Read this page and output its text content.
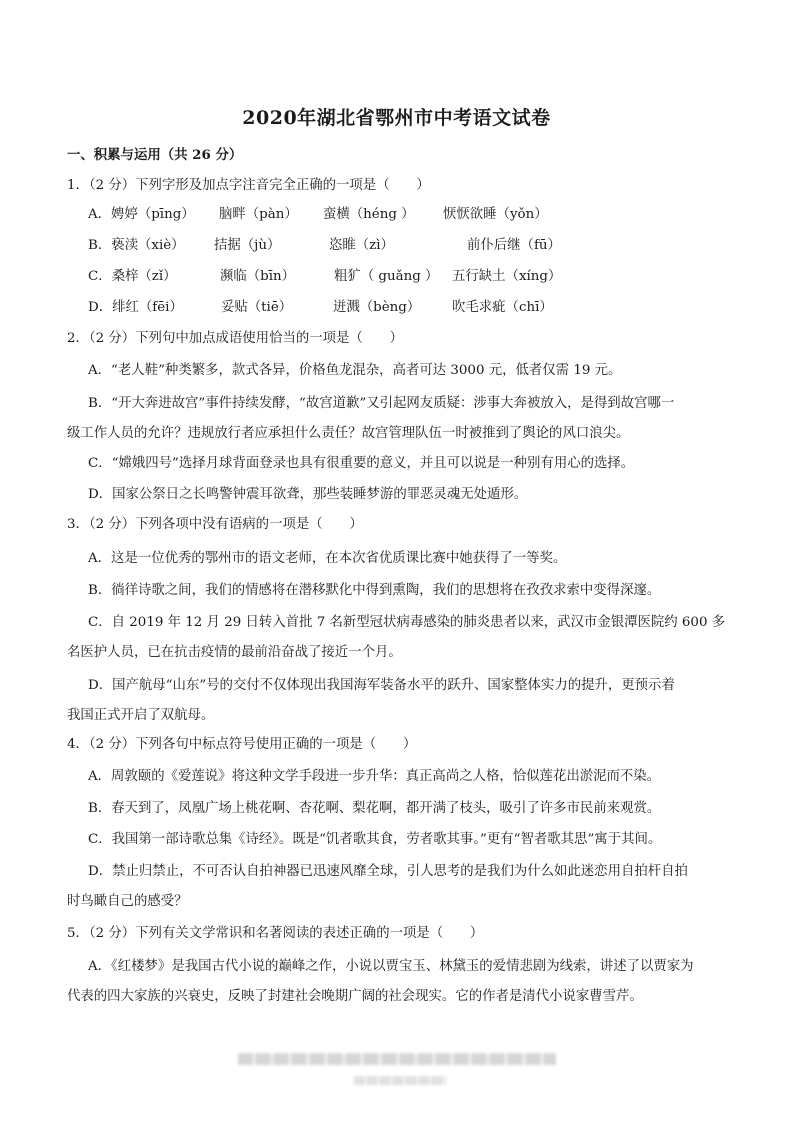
2020年湖北省鄂州市中考语文试卷
一、积累与运用（共 26 分）
1．（2 分）下列字形及加点字注音完全正确的一项是（　　）
A．娉婷（pīng） 脑畔（pàn） 蛮横（héng ） 恹恹欲睡（yǒn）
B．亵渎（xiè） 拮据（jù）	恣睢（zì）	前仆后继（fū）
C．桑梓（zǐ）	濒临（bīn）	粗犷（ guǎng ） 五行缺土（xíng）
D．绯红（fēi）	妥贴（tiē）	迸溅（bèng） 吹毛求疵（chī）
2．（2 分）下列句中加点成语使用恰当的一项是（　　）
A．“老人鞋”种类繁多，款式各异，价格鱼龙混杂，高者可达 3000 元，低者仅需 19 元。
B．“开大奔进故宫”事件持续发酵，“故宫道歉”又引起网友质疑：涉事大奔被放入，是得到故宫哪一
级工作人员的允许？违规放行者应承担什么责任？故宫管理队伍一时被推到了舆论的风口浪尖。
C．“嫦娥四号”选择月球背面登录也具有很重要的意义，并且可以说是一种别有用心的选择。
D．国家公祭日之长鸣警钟震耳欲聋，那些装睡梦游的罪恶灵魂无处遁形。
3．（2 分）下列各项中没有语病的一项是（　　）
A．这是一位优秀的鄂州市的语文老师，在本次省优质课比赛中她获得了一等奖。
B．徜徉诗歌之间，我们的情感将在潜移默化中得到熏陶，我们的思想将在孜孜求索中变得深邃。
C．自 2019 年 12 月 29 日转入首批 7 名新型冠状病毒感染的肺炎患者以来，武汉市金银潭医院约 600 多
名医护人员，已在抗击疫情的最前沿奋战了接近一个月。
D．国产航母“山东”号的交付不仅体现出我国海军装备水平的跃升、国家整体实力的提升，更预示着
我国正式开启了双航母。
4．（2 分）下列各句中标点符号使用正确的一项是（　　）
A．周敦颐的《爱莲说》将这种文学手段进一步升华：真正高尚之人格，恰似莲花出淤泥而不染。
B．春天到了，凤凰广场上桃花啊、杏花啊、梨花啊，都开满了枝头，吸引了许多市民前来观赏。
C．我国第一部诗歌总集《诗经》。既是“饥者歌其食，劳者歌其事。”更有“智者歌其思”寓于其间。
D．禁止归禁止，不可否认自拍神器已迅速风靡全球，引人思考的是我们为什么如此迷恋用自拍杆自拍
时鸟瞰自己的感受？
5．（2 分）下列有关文学常识和名著阅读的表述正确的一项是（　　）
A．《红楼梦》是我国古代小说的巅峰之作，小说以贾宝玉、林黛玉的爱情悲剧为线索，讲述了以贾家为
代表的四大家族的兴衰史，反映了封建社会晚期广阔的社会现实。它的作者是清代小说家曹雪芹。
